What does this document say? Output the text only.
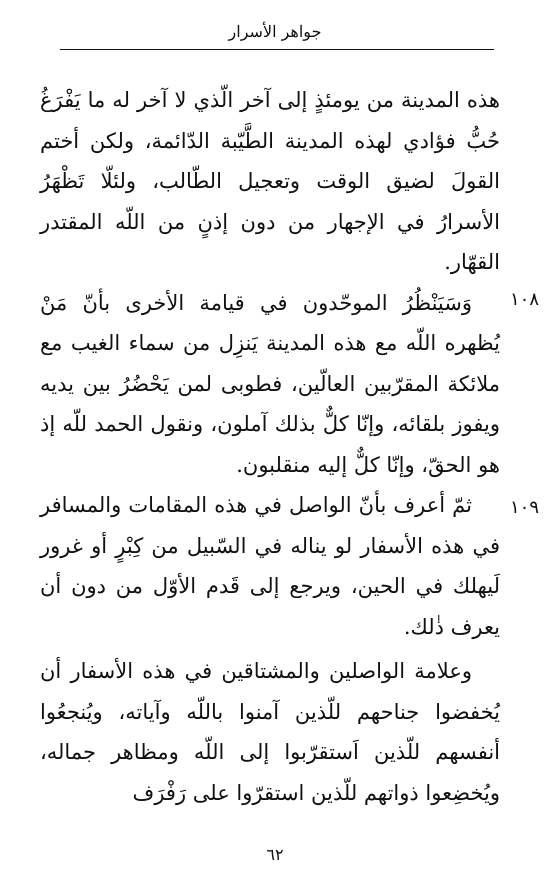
جواهر الأسرار
١٠٨
١٠٩

هذه المدينة من يومئذٍ إلى آخر الّذي لا آخر له ما يَفْرَغُ حُبُّ فؤادي لهذه المدينة الطَّيّبة الدّائمة، ولكن أختم القولَ لضيق الوقت وتعجيل الطّالب، ولئلّا تَظْهَرُ الأسرارُ في الإجهار من دون إذنٍ من اللّه المقتدر القهّار.

وَسَيَنْظُرُ الموحّدون في قيامة الأخرى بأنّ مَنْ يُظهره اللّه مع هذه المدينة يَنزِل من سماء الغيب مع ملائكة المقرّبين العالّين، فطوبى لمن يَحْضُرُ بين يديه ويفوز بلقائه، وإنّا كلٌّ بذلك آملون، ونقول الحمد للّه إذ هو الحقّ، وإنّا كلٌّ إليه منقلبون.

ثمّ أعرف بأنّ الواصل في هذه المقامات والمسافر في هذه الأسفار لو يناله في السّبيل من كِبْرٍ أو غرور لَيهلك في الحين، ويرجع إلى قَدم الأوّل من دون أن يعرف ذٰلك.

وعلامة الواصلين والمشتاقين في هذه الأسفار أن يُخفضوا جناحهم للّذين آمنوا باللّه وآياته، ويُنجعُوا أنفسهم للّذين اَستقرّبوا إلى اللّه ومظاهر جماله، ويُخضِعوا ذواتهم للّذين استقرّوا على رَفْرَف

٦٢
